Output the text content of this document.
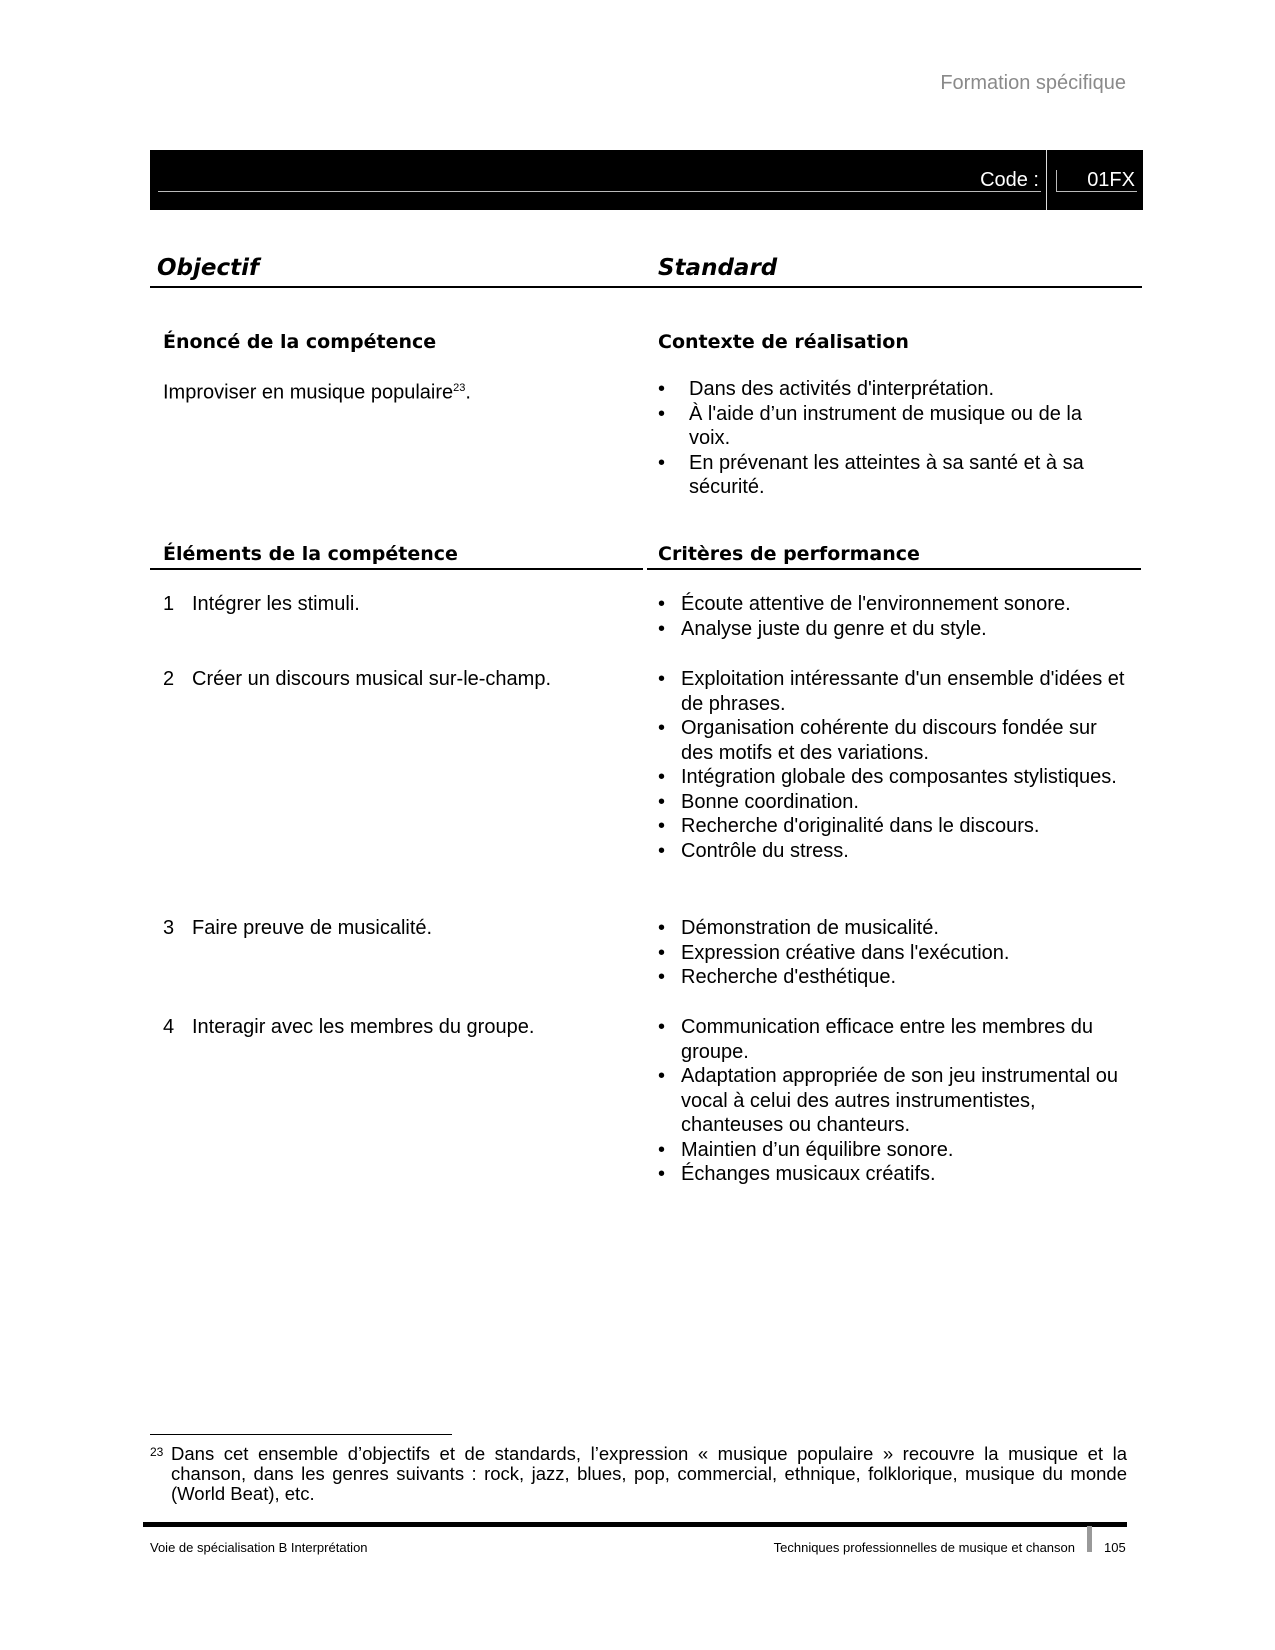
Formation spécifique
Code : 01FX
Objectif	Standard
Énoncé de la compétence	Contexte de réalisation
Improviser en musique populaire$^{23}$.	• Dans des activités d'interprétation.
• À l'aide d’un instrument de musique ou de la voix.
• En prévenant les atteintes à sa santé et à sa sécurité.
Éléments de la compétence	Critères de performance
1 Intégrer les stimuli.	• Écoute attentive de l'environnement sonore.
• Analyse juste du genre et du style.
2 Créer un discours musical sur-le-champ.	• Exploitation intéressante d'un ensemble d'idées et de phrases.
• Organisation cohérente du discours fondée sur des motifs et des variations.
• Intégration globale des composantes stylistiques.
• Bonne coordination.
• Recherche d'originalité dans le discours.
• Contrôle du stress.
3 Faire preuve de musicalité.	• Démonstration de musicalité.
• Expression créative dans l'exécution.
• Recherche d'esthétique.
4 Interagir avec les membres du groupe.	• Communication efficace entre les membres du groupe.
• Adaptation appropriée de son jeu instrumental ou vocal à celui des autres instrumentistes, chanteuses ou chanteurs.
• Maintien d’un équilibre sonore.
• Échanges musicaux créatifs.
23 Dans cet ensemble d’objectifs et de standards, l’expression « musique populaire » recouvre la musique et la chanson, dans les genres suivants : rock, jazz, blues, pop, commercial, ethnique, folklorique, musique du monde (World Beat), etc.
Voie de spécialisation B Interprétation	Techniques professionnelles de musique et chanson 105
